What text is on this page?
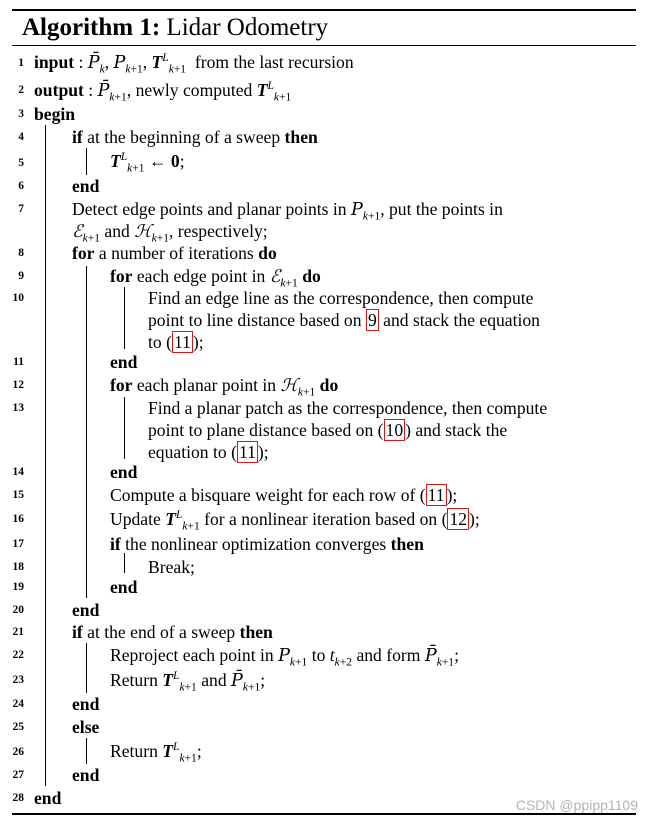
Algorithm 1: Lidar Odometry
1
2
3
4
5
6
7
8
9
10
11
12
13
14
15
16
17
18
19
20
21
22
23
24
25
26
27
28
input : $P̄_k$, $P_{k+1}$, $T^L_{k+1}$ from the last recursion
output : $P̄_{k+1}$, newly computed $T^L_{k+1}$
begin
if at the beginning of a sweep then
$T^L_{k+1}$ ← 0;
end
Detect edge points and planar points in $P_{k+1}$, put the points in
ℰ$_{k+1}$ and ℋ$_{k+1}$, respectively;
for a number of iterations do
for each edge point in ℰ$_{k+1}$ do
Find an edge line as the correspondence, then compute
point to line distance based on 9 and stack the equation
to ( 11 );
end
for each planar point in ℋ$_{k+1}$ do
Find a planar patch as the correspondence, then compute
point to plane distance based on ( 10 ) and stack the
equation to ( 11 );
end
Compute a bisquare weight for each row of ( 11 );
Update $T^L_{k+1}$ for a nonlinear iteration based on ( 12 );
if the nonlinear optimization converges then
Break;
end
end
if at the end of a sweep then
Reproject each point in $P_{k+1}$ to $t_{k+2}$ and form $P̄_{k+1}$;
Return $T^L_{k+1}$ and $P̄_{k+1}$;
end
else
Return $T^L_{k+1}$;
end
end	CSDN @ppipp1109
